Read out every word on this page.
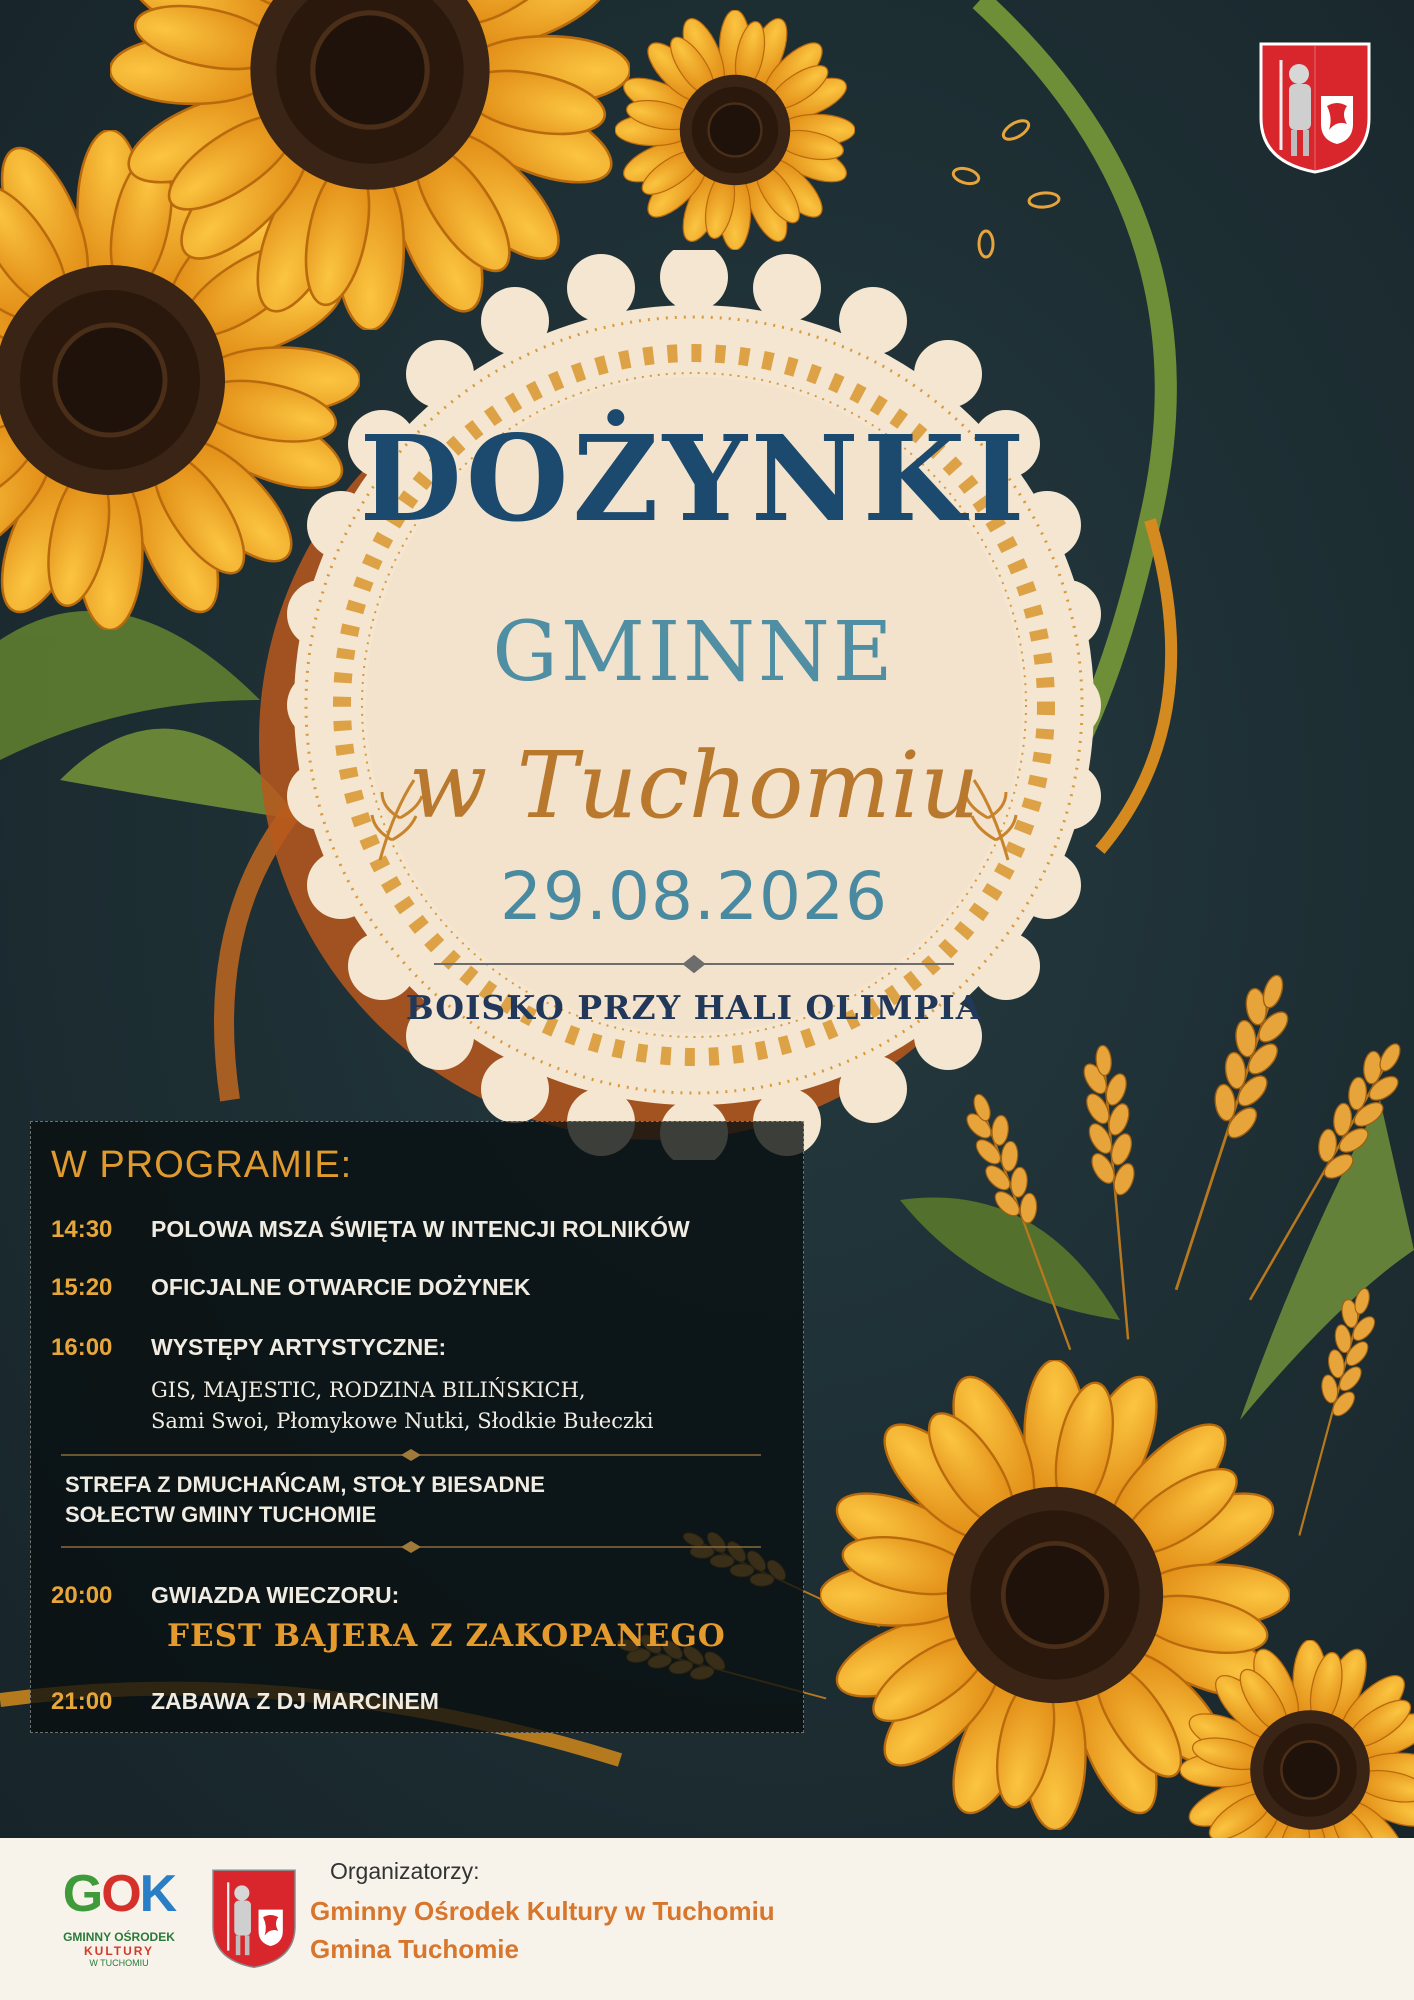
DOŻYNKI
GMINNE
w Tuchomiu
29.08.2026
BOISKO PRZY HALI OLIMPIA
W PROGRAMIE:
14:30	POLOWA MSZA ŚWIĘTA W INTENCJI ROLNIKÓW
15:20	OFICJALNE OTWARCIE DOŻYNEK
16:00	WYSTĘPY ARTYSTYCZNE:
GIS, MAJESTIC, RODZINA BILIŃSKICH,
Sami Swoi, Płomykowe Nutki, Słodkie Bułeczki
STREFA Z DMUCHAŃCAM, STOŁY BIESADNE
SOŁECTW GMINY TUCHOMIE
20:00	GWIAZDA WIECZORU:
FEST BAJERA Z ZAKOPANEGO
21:00	ZABAWA Z DJ MARCINEM
GOK
GMINNY OŚRODEK
KULTURY
W TUCHOMIU
Organizatorzy:
Gminny Ośrodek Kultury w Tuchomiu
Gmina Tuchomie
